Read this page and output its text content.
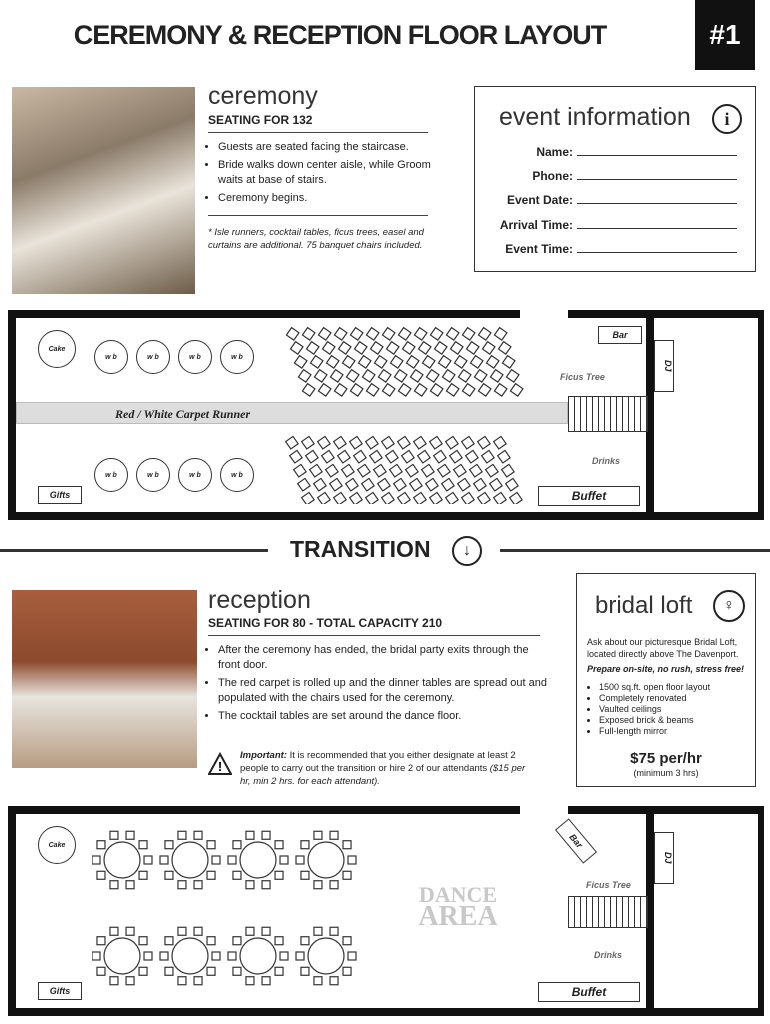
CEREMONY & RECEPTION FLOOR LAYOUT	#1
ceremony
SEATING FOR 132
• Guests are seated facing the staircase.
• Bride walks down center aisle, while Groom waits at base of stairs.
• Ceremony begins.
* Isle runners, cocktail tables, ficus trees, easel and curtains are additional. 75 banquet chairs included.
event information	i
Name:
Phone:
Event Date:
Arrival Time:
Event Time:
Cake
Gifts
w b	w b	w b	w b
w b	w b	w b	w b
Red / White Carpet Runner
Bar
Ficus Tree
Drinks
Buffet
DJ
TRANSITION	↓
reception
SEATING FOR 80 - TOTAL CAPACITY 210
• After the ceremony has ended, the bridal party exits through the front door.
• The red carpet is rolled up and the dinner tables are spread out and populated with the chairs used for the ceremony.
• The cocktail tables are set around the dance floor.
!
Important: It is recommended that you either designate at least 2 people to carry out the transition or hire 2 of our attendants ($15 per hr, min 2 hrs. for each attendant).
bridal loft	♀
Ask about our picturesque Bridal Loft, located directly above The Davenport.
Prepare on-site, no rush, stress free!
• 1500 sq.ft. open floor layout
• Completely renovated
• Vaulted ceilings
• Exposed brick & beams
• Full-length mirror
$75 per/hr
(minimum 3 hrs)
Cake
Gifts
DANCE
AREA
Bar
Ficus Tree
Drinks
Buffet
DJ
